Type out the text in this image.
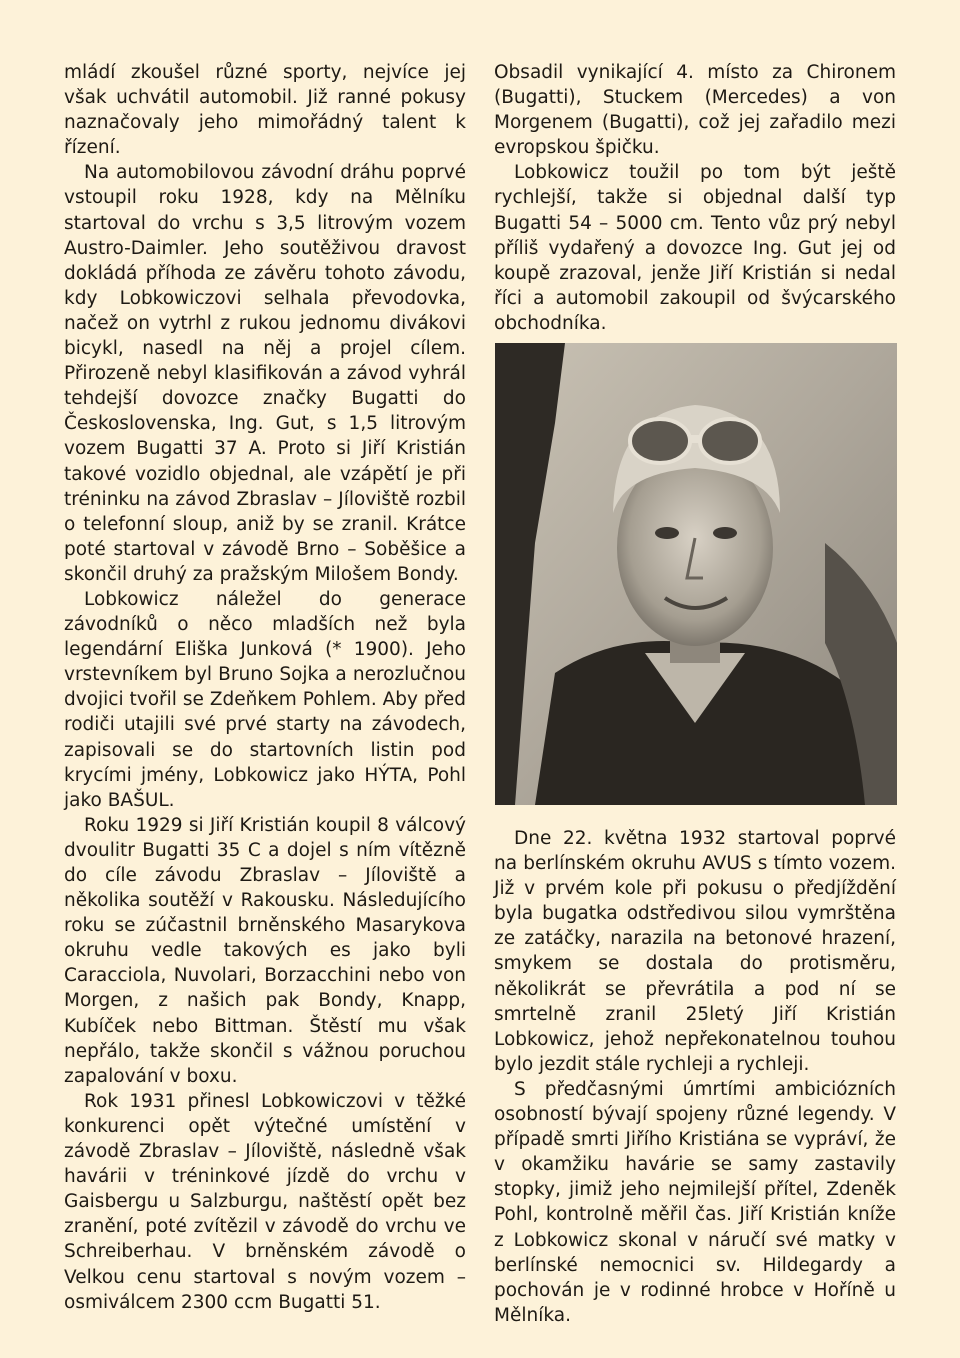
mládí zkoušel různé sporty, nejvíce jej však uchvátil automobil. Již ranné pokusy naznačovaly jeho mimořádný talent k řízení.

Na automobilovou závodní dráhu poprvé vstoupil roku 1928, kdy na Mělníku startoval do vrchu s 3,5 litrovým vozem Austro-Daimler. Jeho soutěživou dravost dokládá příhoda ze závěru tohoto závodu, kdy Lobkowiczovi selhala převodovka, načež on vytrhl z rukou jednomu divákovi bicykl, nasedl na něj a projel cílem. Přirozeně nebyl klasifikován a závod vyhrál tehdejší dovozce značky Bugatti do Československa, Ing. Gut, s 1,5 litrovým vozem Bugatti 37 A. Proto si Jiří Kristián takové vozidlo objednal, ale vzápětí je při tréninku na závod Zbraslav – Jíloviště rozbil o telefonní sloup, aniž by se zranil. Krátce poté startoval v závodě Brno – Soběšice a skončil druhý za pražským Milošem Bondy.

Lobkowicz náležel do generace závodníků o něco mladších než byla legendární Eliška Junková (* 1900). Jeho vrstevníkem byl Bruno Sojka a nerozlučnou dvojici tvořil se Zdeňkem Pohlem. Aby před rodiči utajili své prvé starty na závodech, zapisovali se do startovních listin pod krycími jmény, Lobkowicz jako HÝTA, Pohl jako BAŠUL.

Roku 1929 si Jiří Kristián koupil 8 válcový dvoulitr Bugatti 35 C a dojel s ním vítězně do cíle závodu Zbraslav – Jíloviště a několika soutěží v Rakousku. Následujícího roku se zúčastnil brněnského Masarykova okruhu vedle takových es jako byli Caracciola, Nuvolari, Borzacchini nebo von Morgen, z našich pak Bondy, Knapp, Kubíček nebo Bittman. Štěstí mu však nepřálo, takže skončil s vážnou poruchou zapalování v boxu.

Rok 1931 přinesl Lobkowiczovi v těžké konkurenci opět výtečné umístění v závodě Zbraslav – Jíloviště, následně však havárii v tréninkové jízdě do vrchu v Gaisbergu u Salzburgu, naštěstí opět bez zranění, poté zvítězil v závodě do vrchu ve Schreiberhau. V brněnském závodě o Velkou cenu startoval s novým vozem – osmiválcem 2300 ccm Bugatti 51.

Obsadil vynikající 4. místo za Chironem (Bugatti), Stuckem (Mercedes) a von Morgenem (Bugatti), což jej zařadilo mezi evropskou špičku.

Lobkowicz toužil po tom být ještě rychlejší, takže si objednal další typ Bugatti 54 – 5000 cm. Tento vůz prý nebyl příliš vydařený a dovozce Ing. Gut jej od koupě zrazoval, jenže Jiří Kristián si nedal říci a automobil zakoupil od švýcarského obchodníka.

Dne 22. května 1932 startoval poprvé na berlínském okruhu AVUS s tímto vozem. Již v prvém kole při pokusu o předjíždění byla bugatka odstředivou silou vymrštěna ze zatáčky, narazila na betonové hrazení, smykem se dostala do protisměru, několikrát se převrátila a pod ní se smrtelně zranil 25letý Jiří Kristián Lobkowicz, jehož nepřekonatelnou touhou bylo jezdit stále rychleji a rychleji.

S předčasnými úmrtími ambiciózních osobností bývají spojeny různé legendy. V případě smrti Jiřího Kristiána se vypráví, že v okamžiku havárie se samy zastavily stopky, jimiž jeho nejmilejší přítel, Zdeněk Pohl, kontrolně měřil čas. Jiří Kristián kníže z Lobkowicz skonal v náručí své matky v berlínské nemocnici sv. Hildegardy a pochován je v rodinné hrobce v Hoříně u Mělníka.
